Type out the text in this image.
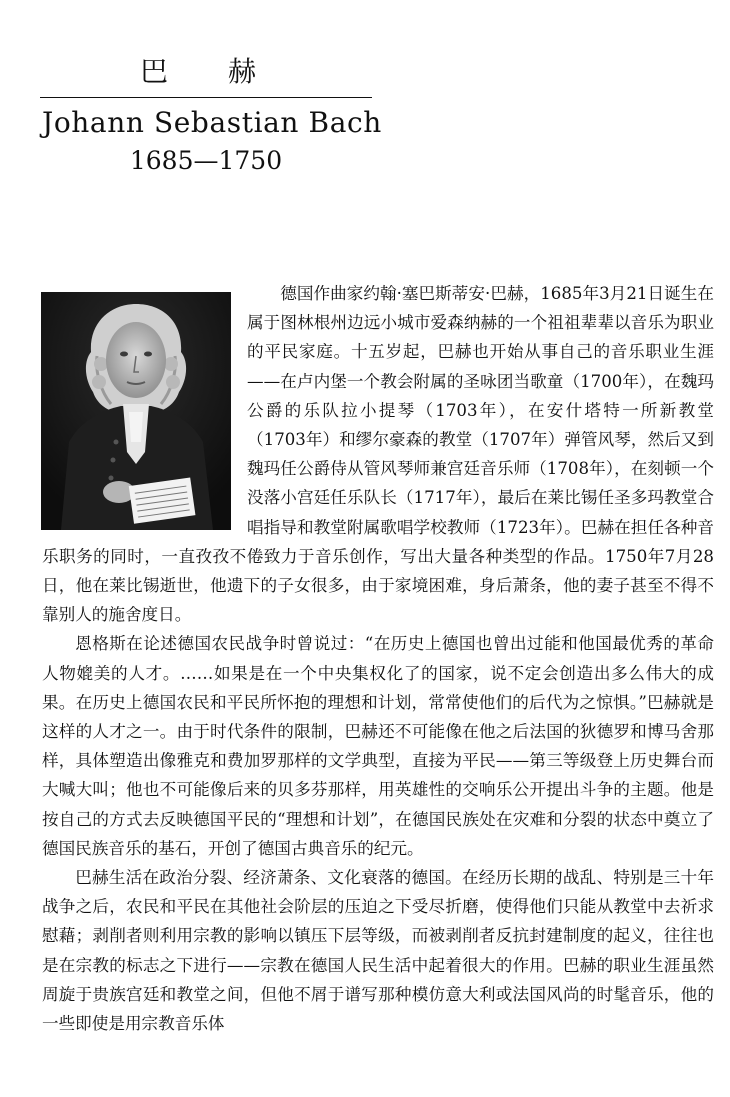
巴　赫
Johann Sebastian Bach
1685—1750

德国作曲家约翰·塞巴斯蒂安·巴赫，1685年3月21日诞生在属于图林根州边远小城市爱森纳赫的一个祖祖辈辈以音乐为职业的平民家庭。十五岁起，巴赫也开始从事自己的音乐职业生涯——在卢内堡一个教会附属的圣咏团当歌童（1700年），在魏玛公爵的乐队拉小提琴（1703年），在安什塔特一所新教堂（1703年）和缪尔豪森的教堂（1707年）弹管风琴，然后又到魏玛任公爵侍从管风琴师兼宫廷音乐师（1708年），在刻顿一个没落小宫廷任乐队长（1717年），最后在莱比锡任圣多玛教堂合唱指导和教堂附属歌唱学校教师（1723年）。巴赫在担任各种音乐职务的同时，一直孜孜不倦致力于音乐创作，写出大量各种类型的作品。1750年7月28日，他在莱比锡逝世，他遗下的子女很多，由于家境困难，身后萧条，他的妻子甚至不得不靠别人的施舍度日。

恩格斯在论述德国农民战争时曾说过：“在历史上德国也曾出过能和他国最优秀的革命人物媲美的人才。……如果是在一个中央集权化了的国家，说不定会创造出多么伟大的成果。在历史上德国农民和平民所怀抱的理想和计划，常常使他们的后代为之惊惧。”巴赫就是这样的人才之一。由于时代条件的限制，巴赫还不可能像在他之后法国的狄德罗和博马舍那样，具体塑造出像雅克和费加罗那样的文学典型，直接为平民——第三等级登上历史舞台而大喊大叫；他也不可能像后来的贝多芬那样，用英雄性的交响乐公开提出斗争的主题。他是按自己的方式去反映德国平民的“理想和计划”，在德国民族处在灾难和分裂的状态中奠立了德国民族音乐的基石，开创了德国古典音乐的纪元。

巴赫生活在政治分裂、经济萧条、文化衰落的德国。在经历长期的战乱、特别是三十年战争之后，农民和平民在其他社会阶层的压迫之下受尽折磨，使得他们只能从教堂中去祈求慰藉；剥削者则利用宗教的影响以镇压下层等级，而被剥削者反抗封建制度的起义，往往也是在宗教的标志之下进行——宗教在德国人民生活中起着很大的作用。巴赫的职业生涯虽然周旋于贵族宫廷和教堂之间，但他不屑于谱写那种模仿意大利或法国风尚的时髦音乐，他的一些即使是用宗教音乐体
